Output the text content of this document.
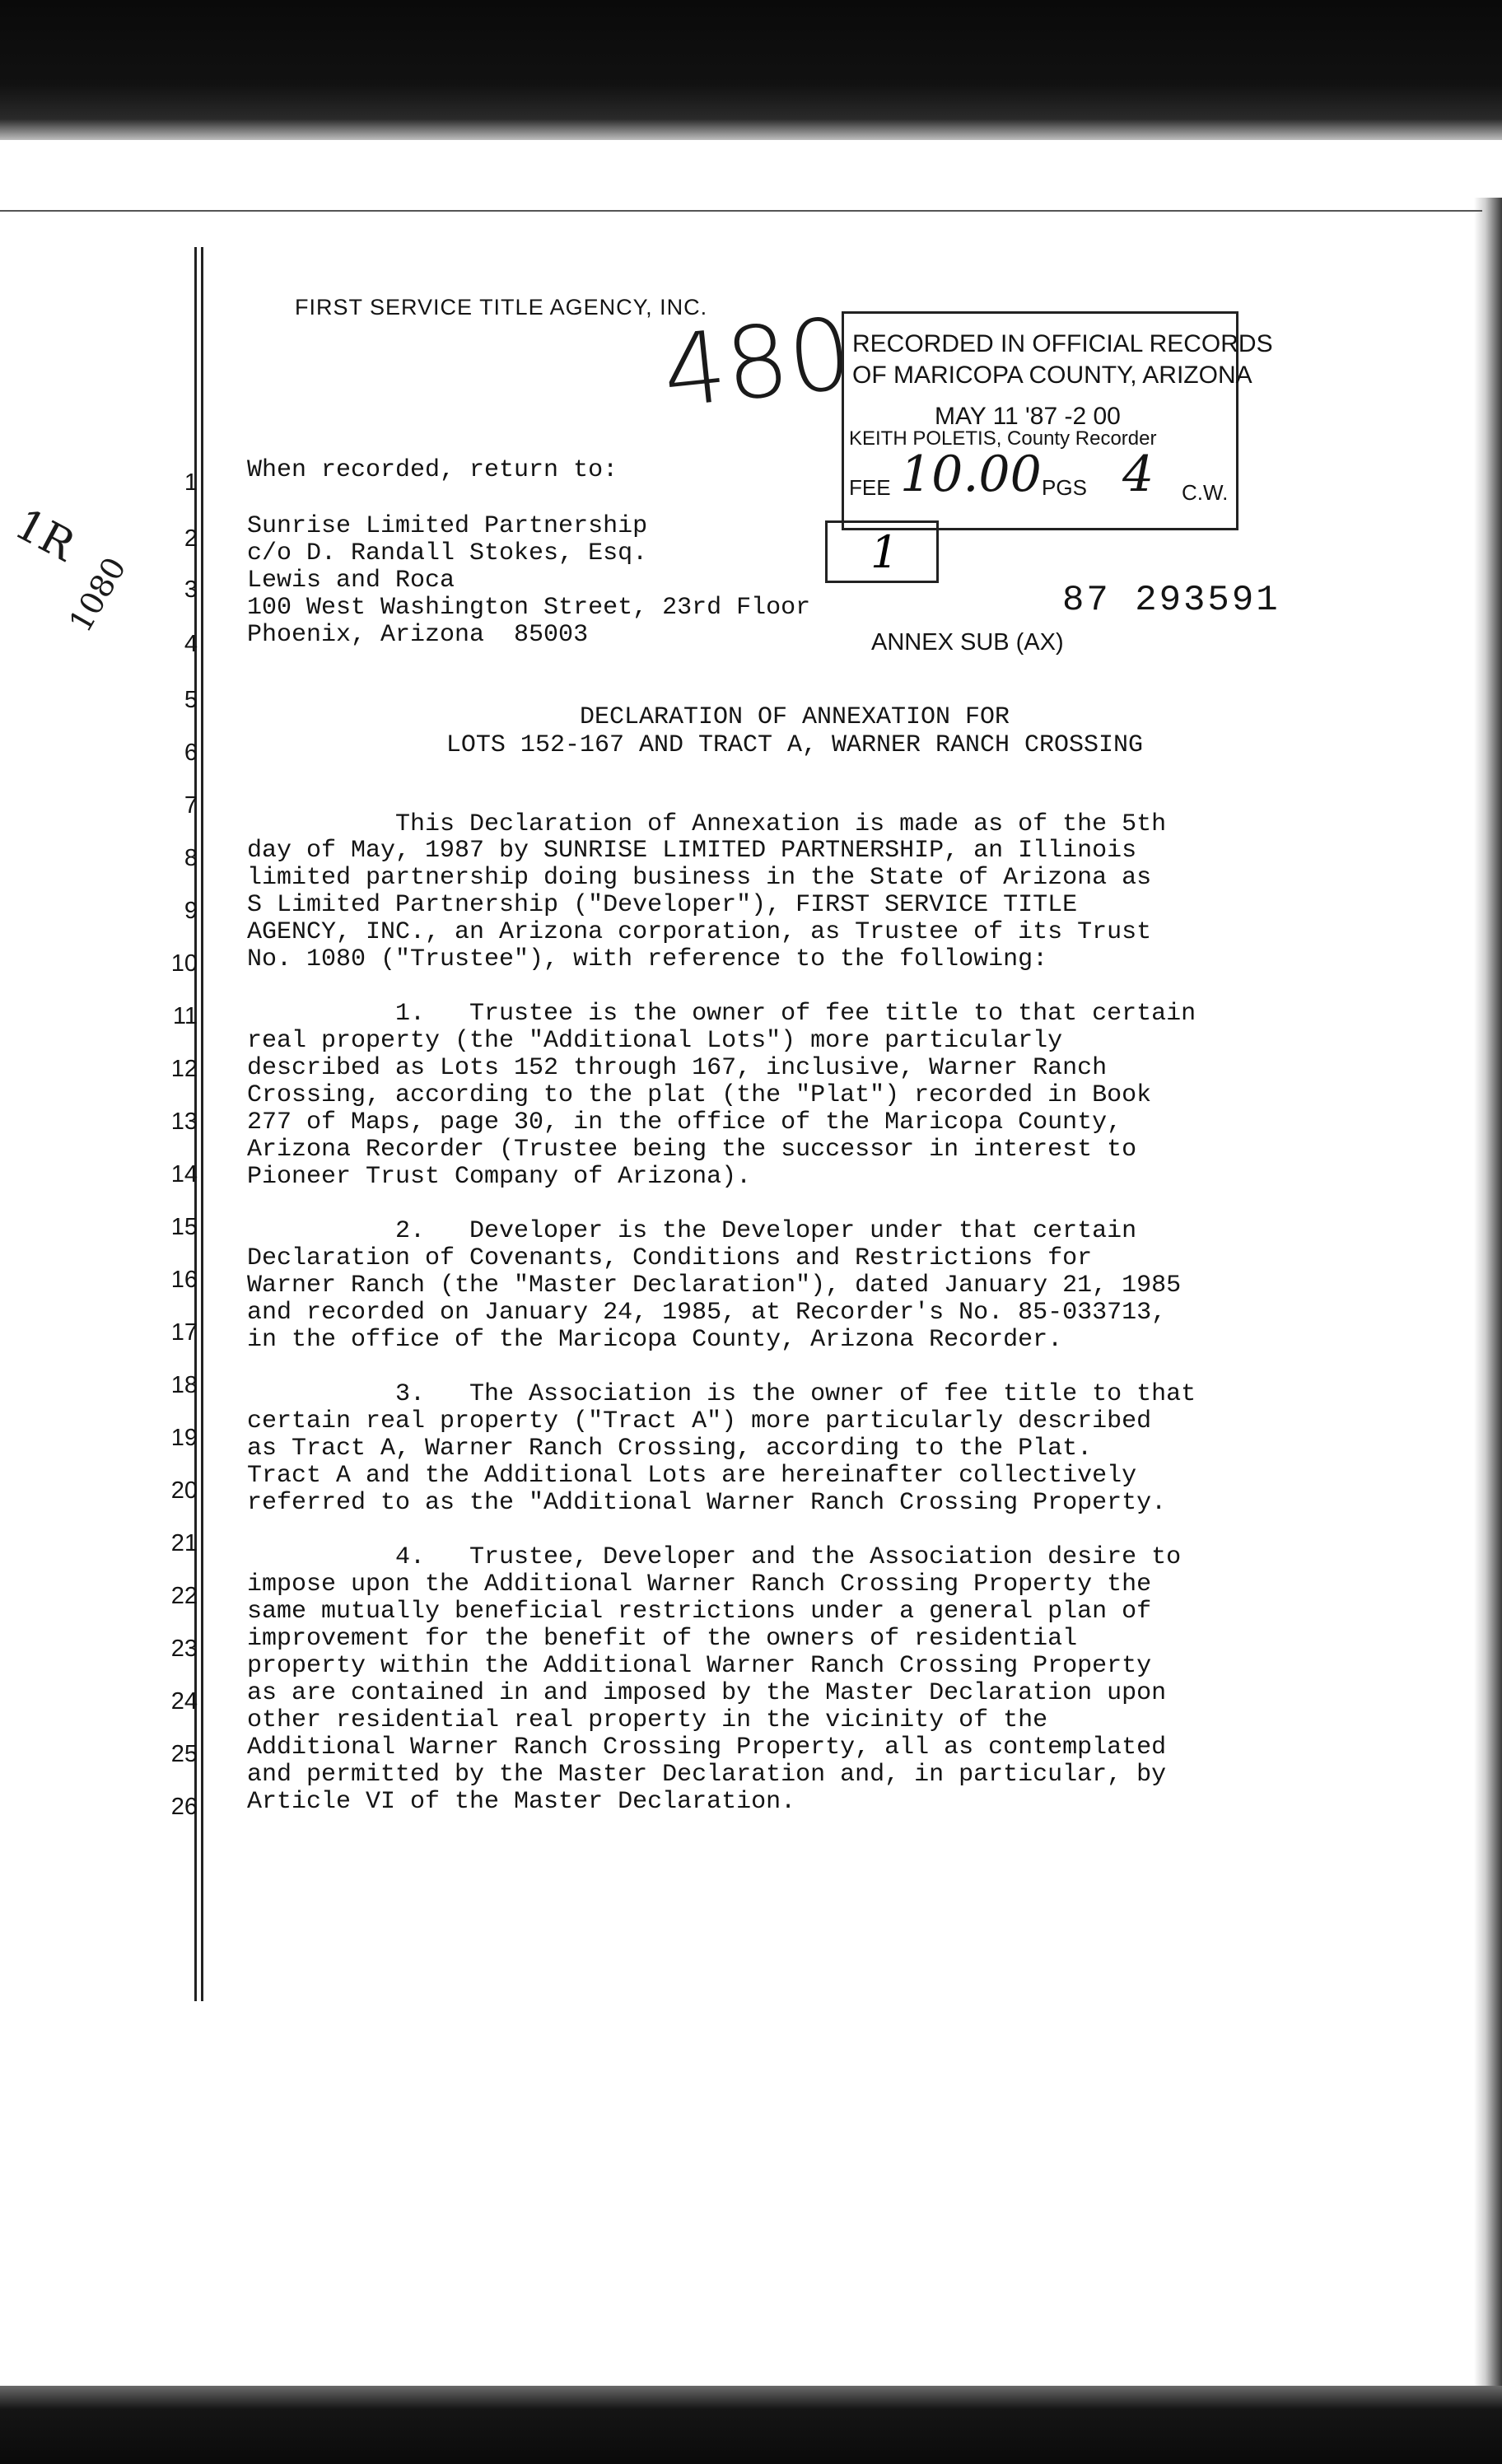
FIRST SERVICE TITLE AGENCY, INC.
480
1R
1080
RECORDED IN OFFICIAL RECORDS
OF MARICOPA COUNTY, ARIZONA
MAY 11 '87 -2 00
KEITH POLETIS, County Recorder
FEE 10.00 PGS 4 C.W.
1
87 293591
ANNEX SUB (AX)
1
2
3
4
5
6
7
8
9
10
11
12
13
14
15
16
17
18
19
20
21
22
23
24
25
26
When recorded, return to:
Sunrise Limited Partnership
c/o D. Randall Stokes, Esq.
Lewis and Roca
100 West Washington Street, 23rd Floor
Phoenix, Arizona  85003
DECLARATION OF ANNEXATION FOR
LOTS 152-167 AND TRACT A, WARNER RANCH CROSSING
This Declaration of Annexation is made as of the 5th
day of May, 1987 by SUNRISE LIMITED PARTNERSHIP, an Illinois
limited partnership doing business in the State of Arizona as
S Limited Partnership ("Developer"), FIRST SERVICE TITLE
AGENCY, INC., an Arizona corporation, as Trustee of its Trust
No. 1080 ("Trustee"), with reference to the following:
1.   Trustee is the owner of fee title to that certain
real property (the "Additional Lots") more particularly
described as Lots 152 through 167, inclusive, Warner Ranch
Crossing, according to the plat (the "Plat") recorded in Book
277 of Maps, page 30, in the office of the Maricopa County,
Arizona Recorder (Trustee being the successor in interest to
Pioneer Trust Company of Arizona).
2.   Developer is the Developer under that certain
Declaration of Covenants, Conditions and Restrictions for
Warner Ranch (the "Master Declaration"), dated January 21, 1985
and recorded on January 24, 1985, at Recorder's No. 85-033713,
in the office of the Maricopa County, Arizona Recorder.
3.   The Association is the owner of fee title to that
certain real property ("Tract A") more particularly described
as Tract A, Warner Ranch Crossing, according to the Plat.
Tract A and the Additional Lots are hereinafter collectively
referred to as the "Additional Warner Ranch Crossing Property.
4.   Trustee, Developer and the Association desire to
impose upon the Additional Warner Ranch Crossing Property the
same mutually beneficial restrictions under a general plan of
improvement for the benefit of the owners of residential
property within the Additional Warner Ranch Crossing Property
as are contained in and imposed by the Master Declaration upon
other residential real property in the vicinity of the
Additional Warner Ranch Crossing Property, all as contemplated
and permitted by the Master Declaration and, in particular, by
Article VI of the Master Declaration.
